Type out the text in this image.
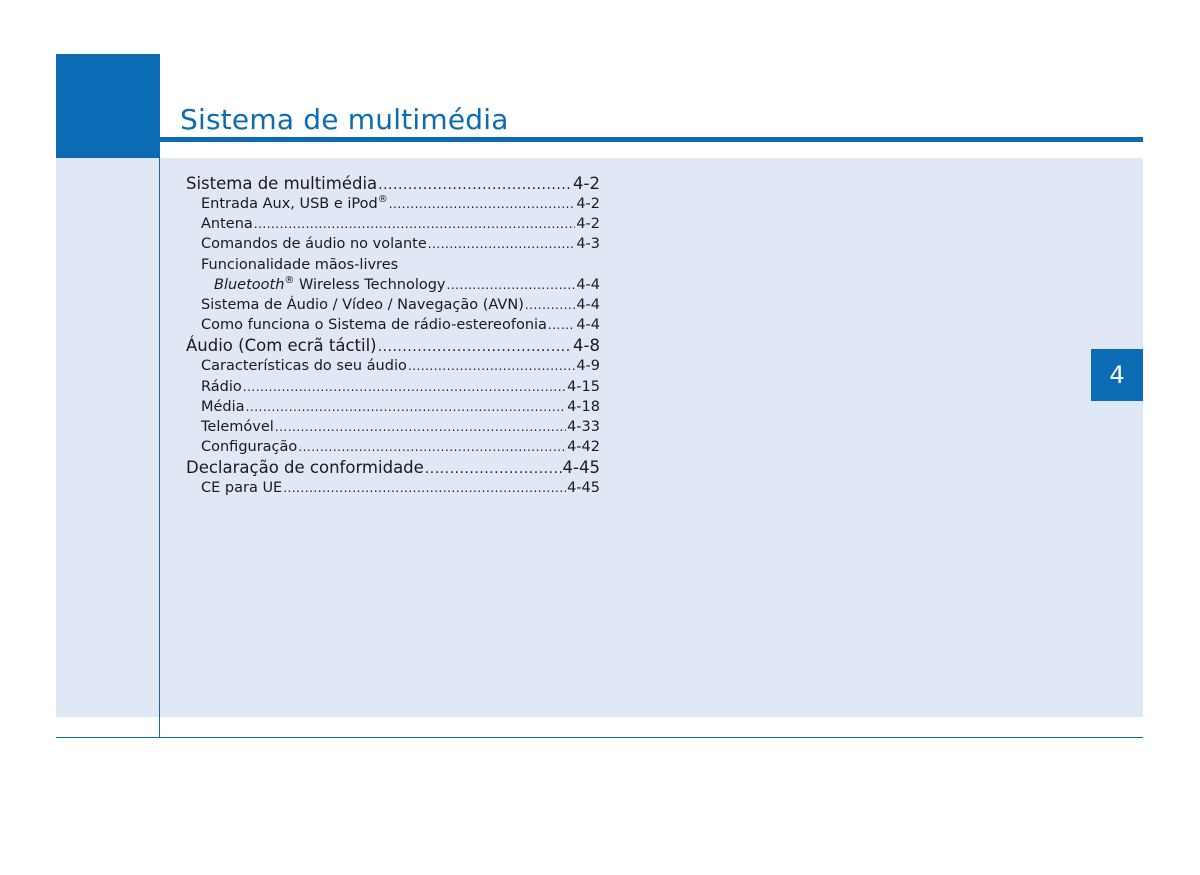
Sistema de multimédia
4
Sistema de multimédia .....	4-2
Entrada Aux, USB e iPod® .....	4-2
Antena .....	4-2
Comandos de áudio no volante .....	4-3
Funcionalidade mãos-livres
Bluetooth® Wireless Technology .....	4-4
Sistema de Áudio / Vídeo / Navegação (AVN) .....	4-4
Como funciona o Sistema de rádio-estereofonia ..... 4-4
Áudio (Com ecrã táctil) .....	4-8
Características do seu áudio .....	4-9
Rádio .....	4-15
Média .....	4-18
Telemóvel .....	4-33
Configuração .....	4-42
Declaração de conformidade .....	4-45
CE para UE .....	4-45
